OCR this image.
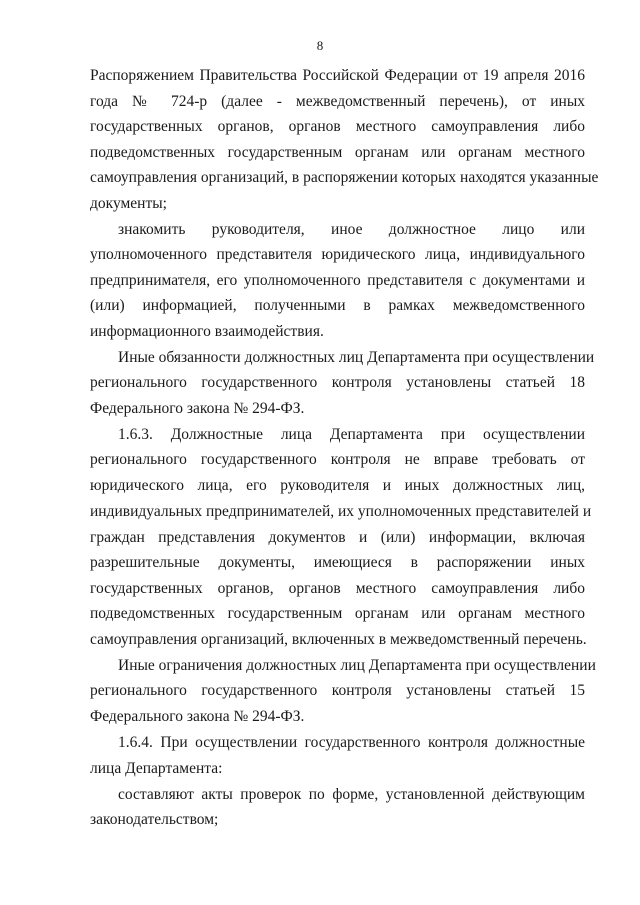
8
Распоряжением Правительства Российской Федерации от 19 апреля 2016
года № 724-р (далее - межведомственный перечень), от иных
государственных органов, органов местного самоуправления либо
подведомственных государственным органам или органам местного
самоуправления организаций, в распоряжении которых находятся указанные
документы;
знакомить руководителя, иное должностное лицо или
уполномоченного представителя юридического лица, индивидуального
предпринимателя, его уполномоченного представителя с документами и
(или) информацией, полученными в рамках межведомственного
информационного взаимодействия.
Иные обязанности должностных лиц Департамента при осуществлении
регионального государственного контроля установлены статьей 18
Федерального закона № 294-ФЗ.
1.6.3. Должностные лица Департамента при осуществлении
регионального государственного контроля не вправе требовать от
юридического лица, его руководителя и иных должностных лиц,
индивидуальных предпринимателей, их уполномоченных представителей и
граждан представления документов и (или) информации, включая
разрешительные документы, имеющиеся в распоряжении иных
государственных органов, органов местного самоуправления либо
подведомственных государственным органам или органам местного
самоуправления организаций, включенных в межведомственный перечень.
Иные ограничения должностных лиц Департамента при осуществлении
регионального государственного контроля установлены статьей 15
Федерального закона № 294-ФЗ.
1.6.4. При осуществлении государственного контроля должностные
лица Департамента:
составляют акты проверок по форме, установленной действующим
законодательством;
